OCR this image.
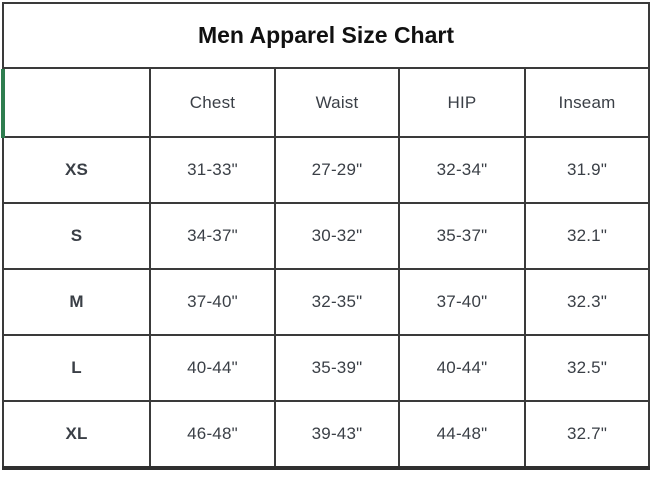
Men Apparel Size Chart				
	Chest	Waist	HIP	Inseam
XS	31-33"	27-29"	32-34"	31.9"
S	34-37"	30-32"	35-37"	32.1"
M	37-40"	32-35"	37-40"	32.3"
L	40-44"	35-39"	40-44"	32.5"
XL	46-48"	39-43"	44-48"	32.7"
